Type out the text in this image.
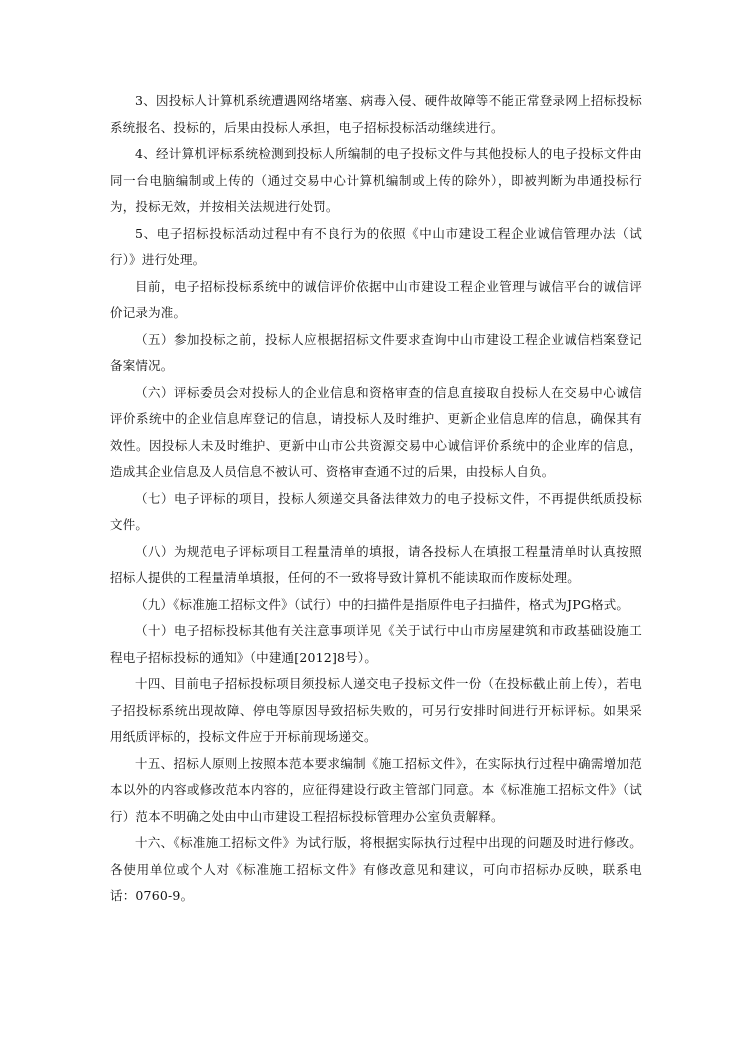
3、因投标人计算机系统遭遇网络堵塞、病毒入侵、硬件故障等不能正常登录网上招标投标系统报名、投标的，后果由投标人承担，电子招标投标活动继续进行。

4、经计算机评标系统检测到投标人所编制的电子投标文件与其他投标人的电子投标文件由同一台电脑编制或上传的（通过交易中心计算机编制或上传的除外），即被判断为串通投标行为，投标无效，并按相关法规进行处罚。

5、电子招标投标活动过程中有不良行为的依照《中山市建设工程企业诚信管理办法（试行）》进行处理。

目前，电子招标投标系统中的诚信评价依据中山市建设工程企业管理与诚信平台的诚信评价记录为准。

（五）参加投标之前，投标人应根据招标文件要求查询中山市建设工程企业诚信档案登记备案情况。

（六）评标委员会对投标人的企业信息和资格审查的信息直接取自投标人在交易中心诚信评价系统中的企业信息库登记的信息，请投标人及时维护、更新企业信息库的信息，确保其有效性。因投标人未及时维护、更新中山市公共资源交易中心诚信评价系统中的企业库的信息，造成其企业信息及人员信息不被认可、资格审查通不过的后果，由投标人自负。

（七）电子评标的项目，投标人须递交具备法律效力的电子投标文件，不再提供纸质投标文件。

（八）为规范电子评标项目工程量清单的填报，请各投标人在填报工程量清单时认真按照招标人提供的工程量清单填报，任何的不一致将导致计算机不能读取而作废标处理。

（九）《标准施工招标文件》（试行）中的扫描件是指原件电子扫描件，格式为JPG格式。

（十）电子招标投标其他有关注意事项详见《关于试行中山市房屋建筑和市政基础设施工程电子招标投标的通知》（中建通[2012]8号）。

十四、目前电子招标投标项目须投标人递交电子投标文件一份（在投标截止前上传），若电子招投标系统出现故障、停电等原因导致招标失败的，可另行安排时间进行开标评标。如果采用纸质评标的，投标文件应于开标前现场递交。

十五、招标人原则上按照本范本要求编制《施工招标文件》，在实际执行过程中确需增加范本以外的内容或修改范本内容的，应征得建设行政主管部门同意。本《标准施工招标文件》（试行）范本不明确之处由中山市建设工程招标投标管理办公室负责解释。

十六、《标准施工招标文件》为试行版，将根据实际执行过程中出现的问题及时进行修改。各使用单位或个人对《标准施工招标文件》有修改意见和建议，可向市招标办反映，联系电话：0760-9。
